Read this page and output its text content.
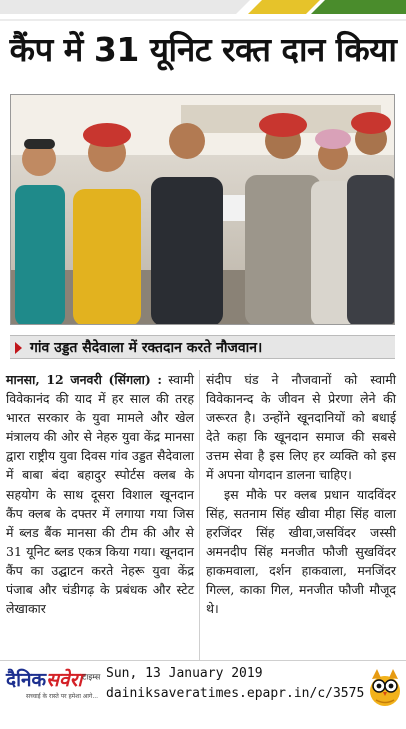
कैंप में 31 यूनिट रक्त दान किया
गांव उड्डत सैदेवाला में रक्तदान करते नौजवान।

मानसा, 12 जनवरी (सिंगला) : स्वामी विवेकानंद की याद में हर साल की तरह भारत सरकार के युवा मामले और खेल मंत्रालय की ओर से नेहरु युवा केंद्र मानसा द्वारा राष्ट्रीय युवा दिवस गांव उड्डत सैदेवाला में बाबा बंदा बहादुर स्पोर्टस क्लब के सहयोग के साथ दूसरा विशाल खूनदान कैंप क्लब के दफ्तर में लगाया गया जिस में ब्लड बैंक मानसा की टीम की और से 31 यूनिट ब्लड एकत्र किया गया। खूनदान कैंप का उद्घाटन करते नेहरू युवा केंद्र पंजाब और चंडीगढ़ के प्रबंधक और स्टेट लेखाकार

संदीप घंड ने नौजवानों को स्वामी विवेकानन्द के जीवन से प्रेरणा लेने की जरूरत है। उन्होंने खूनदानियों को बधाई देते कहा कि खूनदान समाज की सबसे उत्तम सेवा है इस लिए हर व्यक्ति को इस में अपना योगदान डालना चाहिए।

इस मौके पर क्लब प्रधान यादविंदर सिंह, सतनाम सिंह खीवा मीहा सिंह वाला हरजिंदर सिंह खीवा,जसविंदर जस्सी अमनदीप सिंह मनजीत फौजी सुखविंदर हाकमवाला, दर्शन हाकवाला, मनजिंदर गिल्ल, काका गिल, मनजीत फौजी मौजूद थे।

दैनिकसवेरा$^{टाइम्स}$
सच्चाई के रास्ते पर हमेशा आगे...
Sun, 13 January 2019
dainiksaveratimes.epapr.in/c/3575
